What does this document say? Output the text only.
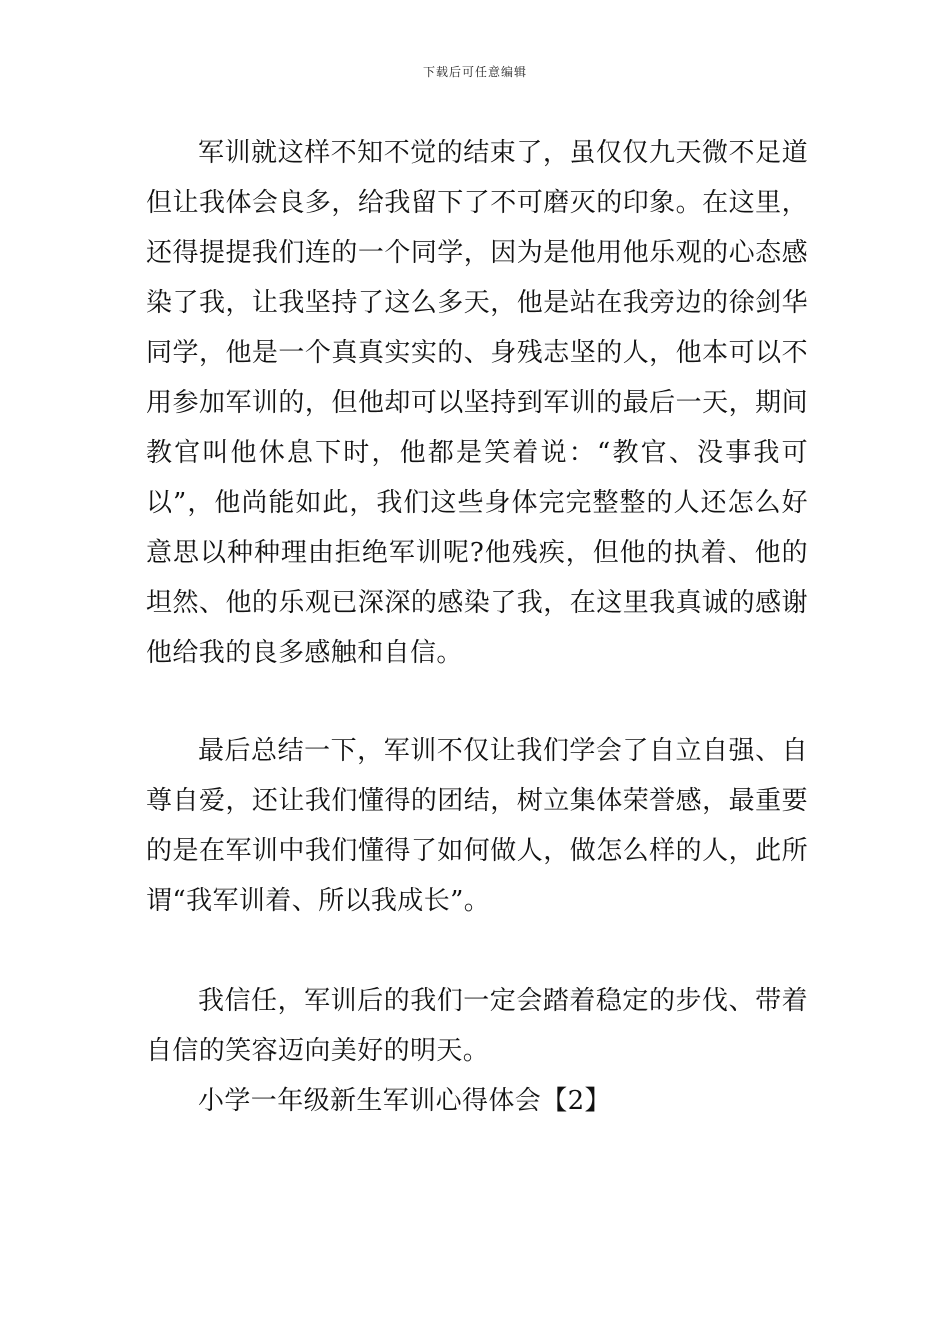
下载后可任意编辑

军训就这样不知不觉的结束了，虽仅仅九天微不足道但让我体会良多，给我留下了不可磨灭的印象。在这里，还得提提我们连的一个同学，因为是他用他乐观的心态感染了我，让我坚持了这么多天，他是站在我旁边的徐剑华同学，他是一个真真实实的、身残志坚的人，他本可以不用参加军训的，但他却可以坚持到军训的最后一天，期间教官叫他休息下时，他都是笑着说：“教官、没事我可以”，他尚能如此，我们这些身体完完整整的人还怎么好意思以种种理由拒绝军训呢?他残疾，但他的执着、他的坦然、他的乐观已深深的感染了我，在这里我真诚的感谢他给我的良多感触和自信。

最后总结一下，军训不仅让我们学会了自立自强、自尊自爱，还让我们懂得的团结，树立集体荣誉感，最重要的是在军训中我们懂得了如何做人，做怎么样的人，此所谓“我军训着、所以我成长”。

我信任，军训后的我们一定会踏着稳定的步伐、带着自信的笑容迈向美好的明天。

小学一年级新生军训心得体会【2】
